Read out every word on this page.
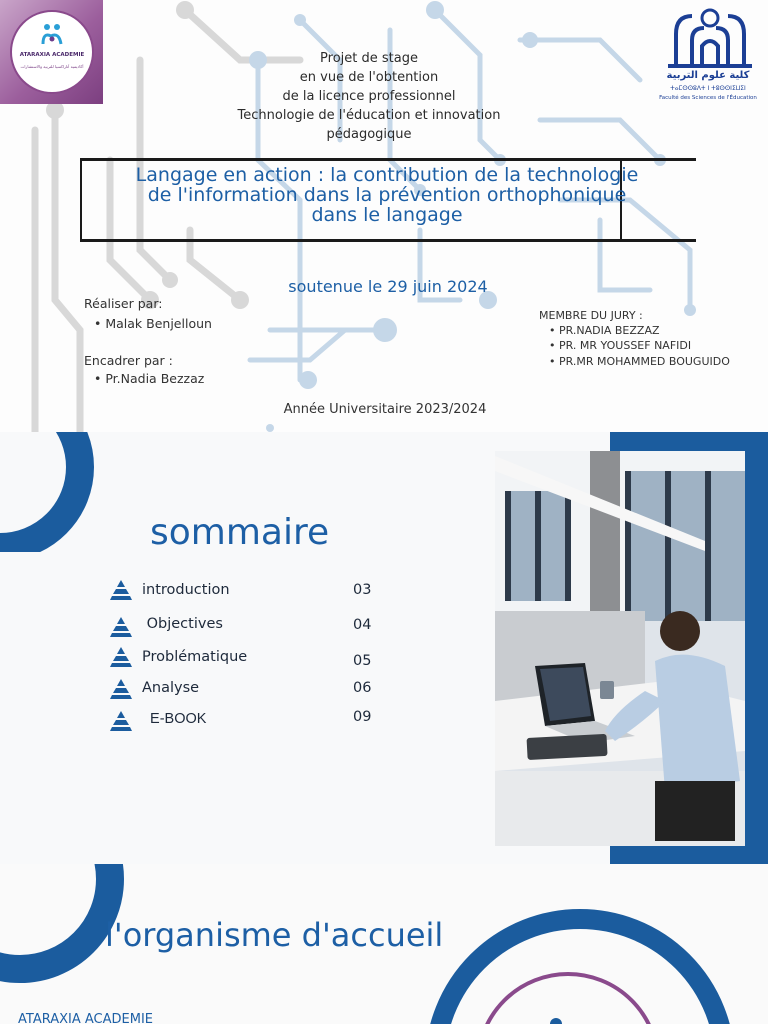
ATARAXIA ACADEMIE
أكاديمية أتاراكسيا للتربية والاستشارات
كلية علوم التربية
ⵜⴰⵎⵙⵙⵓⴷⵜ ⵏ ⵜⵓⵙⵙⵏⵉⵡⵉⵏ
Faculté des Sciences de l'Éducation

Projet de stage

en vue de l'obtention

de la licence professionnel

Technologie de l'éducation et innovation

pédagogique

Langage en action : la contribution de la technologie
de l'information dans la prévention orthophonique
dans le langage

soutenue le 29 juin 2024

Réaliser par:

• Malak Benjelloun

Encadrer par :

• Pr.Nadia Bezzaz

MEMBRE DU JURY :

• PR.NADIA BEZZAZ

• PR. MR YOUSSEF NAFIDI

• PR.MR MOHAMMED BOUGUIDO

Année Universitaire 2023/2024

sommaire

introduction	03

Objectives	04

Problématique	05

Analyse	06

E-BOOK	09

l'organisme d'accueil

ATARAXIA ACADEMIE
